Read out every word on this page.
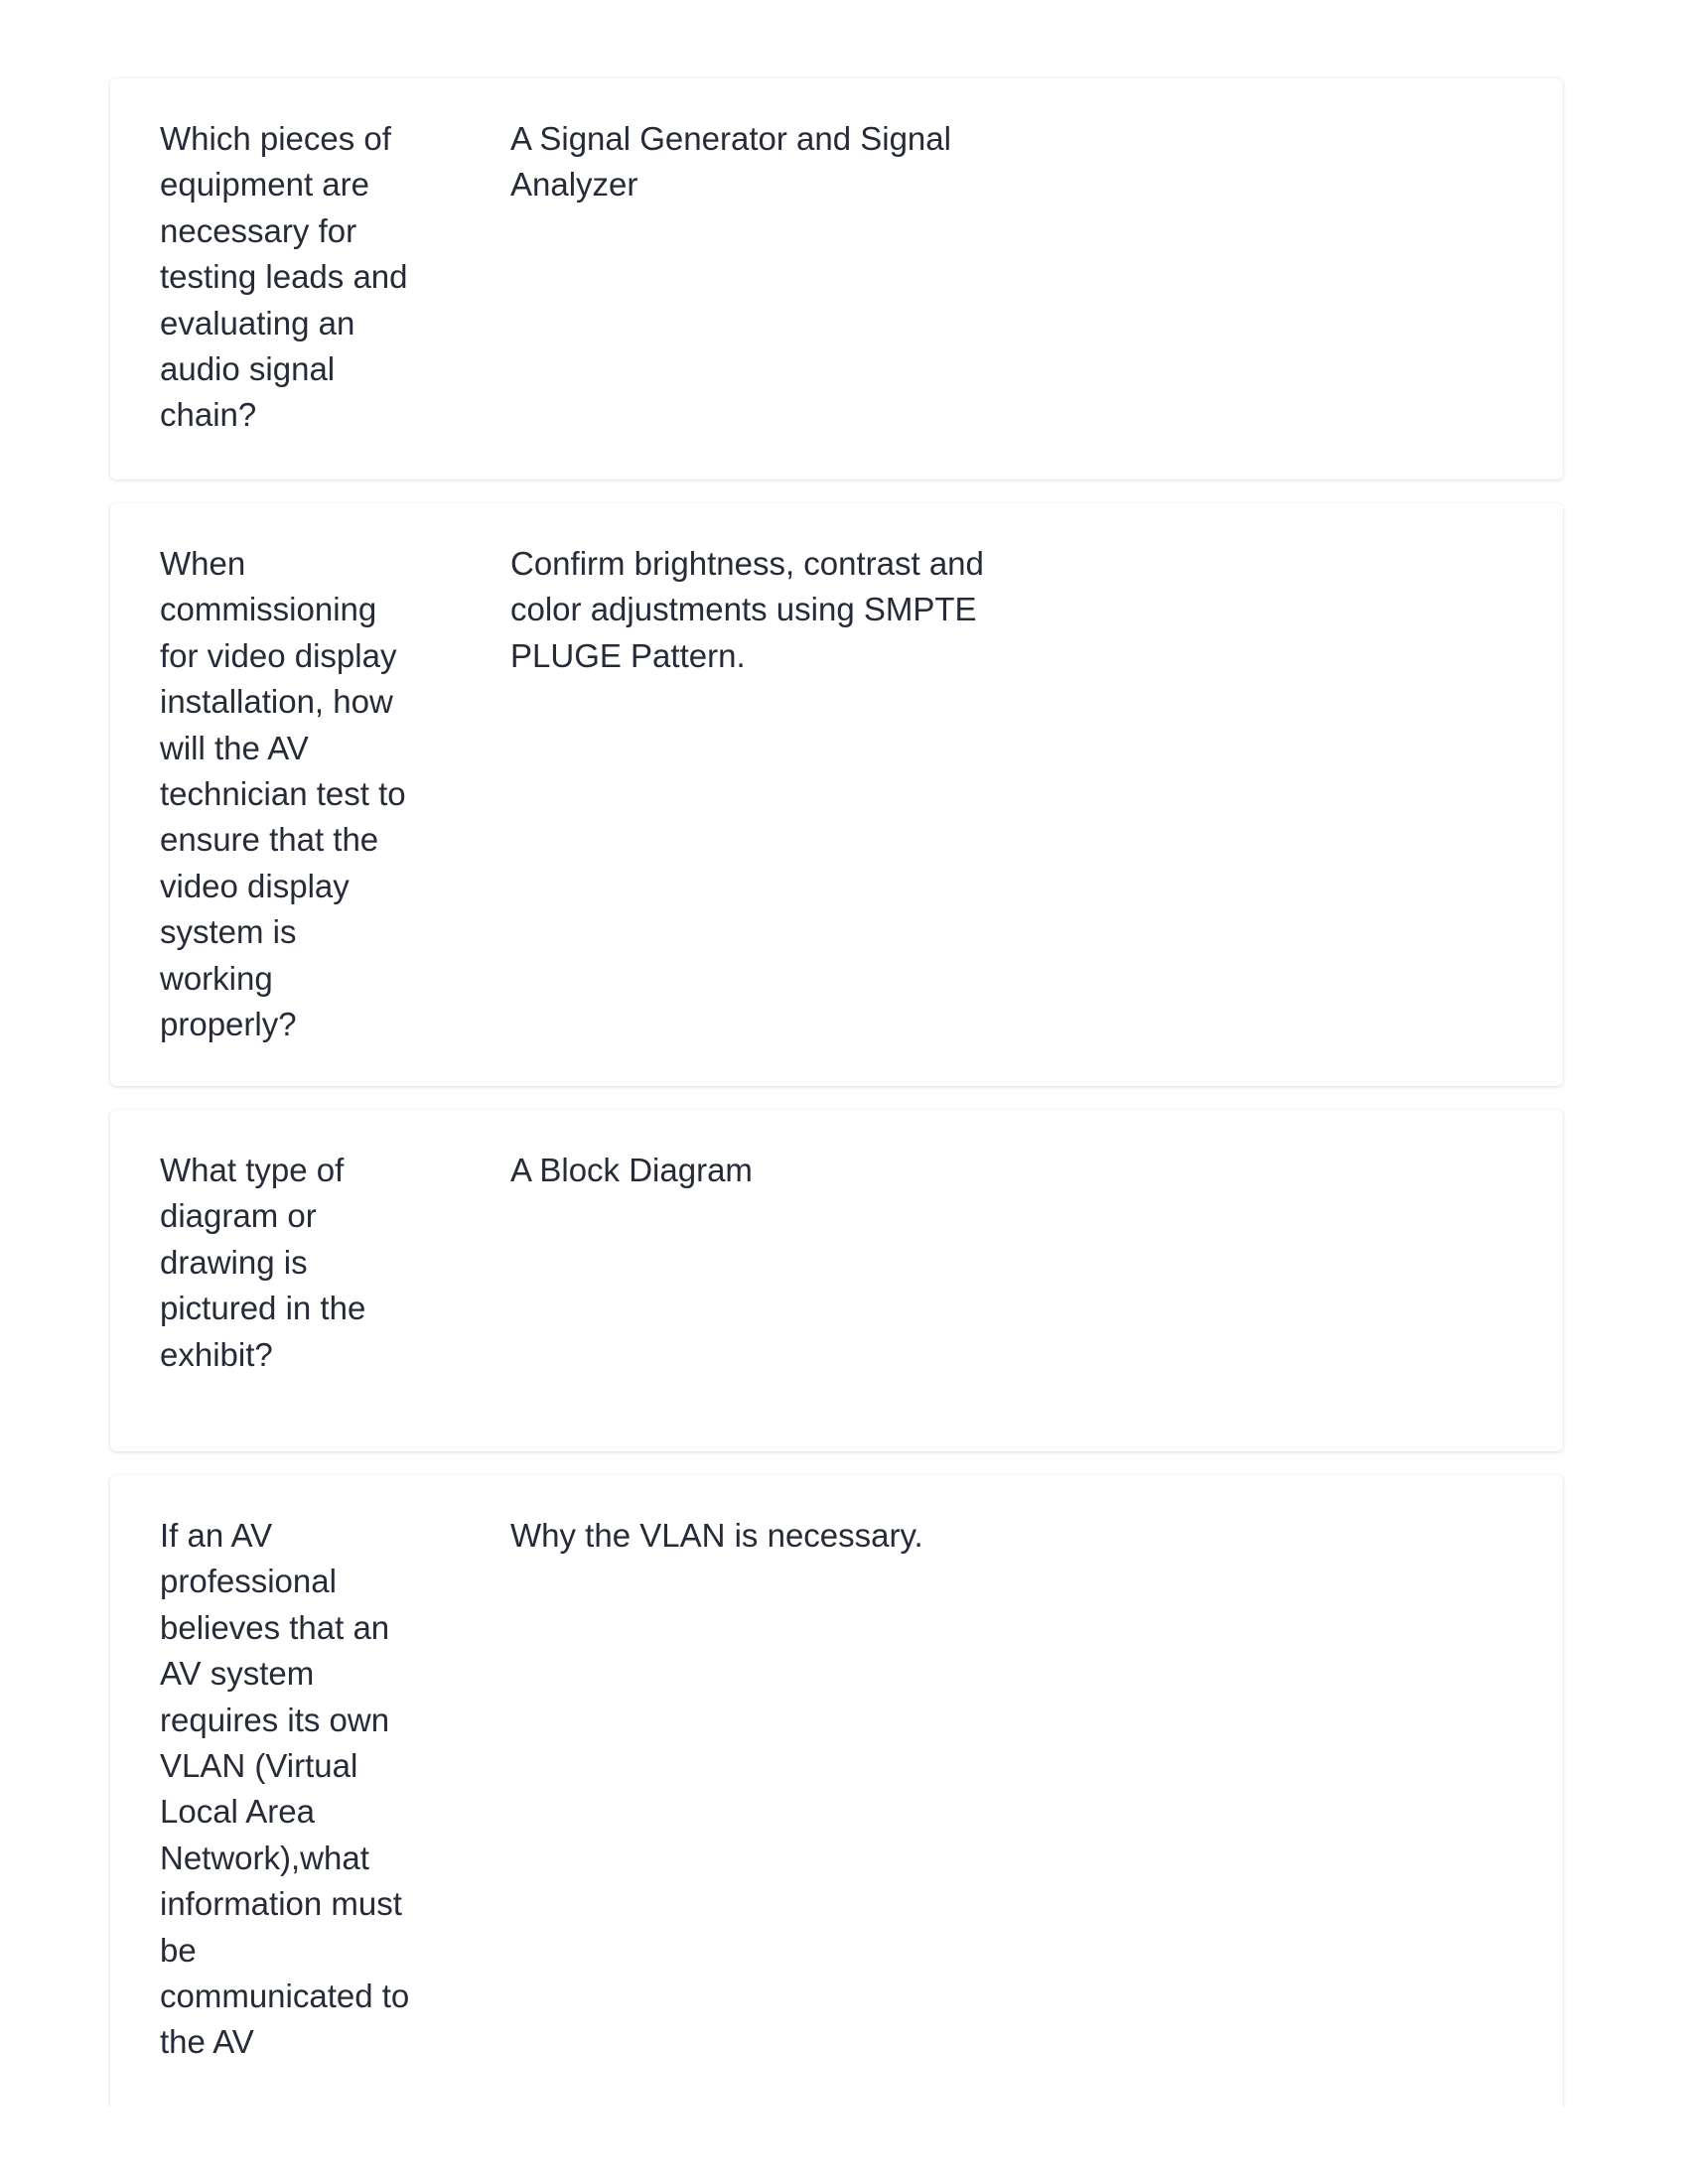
Which pieces of
equipment are
necessary for
testing leads and
evaluating an
audio signal
chain?
A Signal Generator and Signal
Analyzer
When
commissioning
for video display
installation, how
will the AV
technician test to
ensure that the
video display
system is
working
properly?
Confirm brightness, contrast and
color adjustments using SMPTE
PLUGE Pattern.
What type of
diagram or
drawing is
pictured in the
exhibit?
A Block Diagram
If an AV
professional
believes that an
AV system
requires its own
VLAN (Virtual
Local Area
Network),what
information must
be
communicated to
the AV
Why the VLAN is necessary.
